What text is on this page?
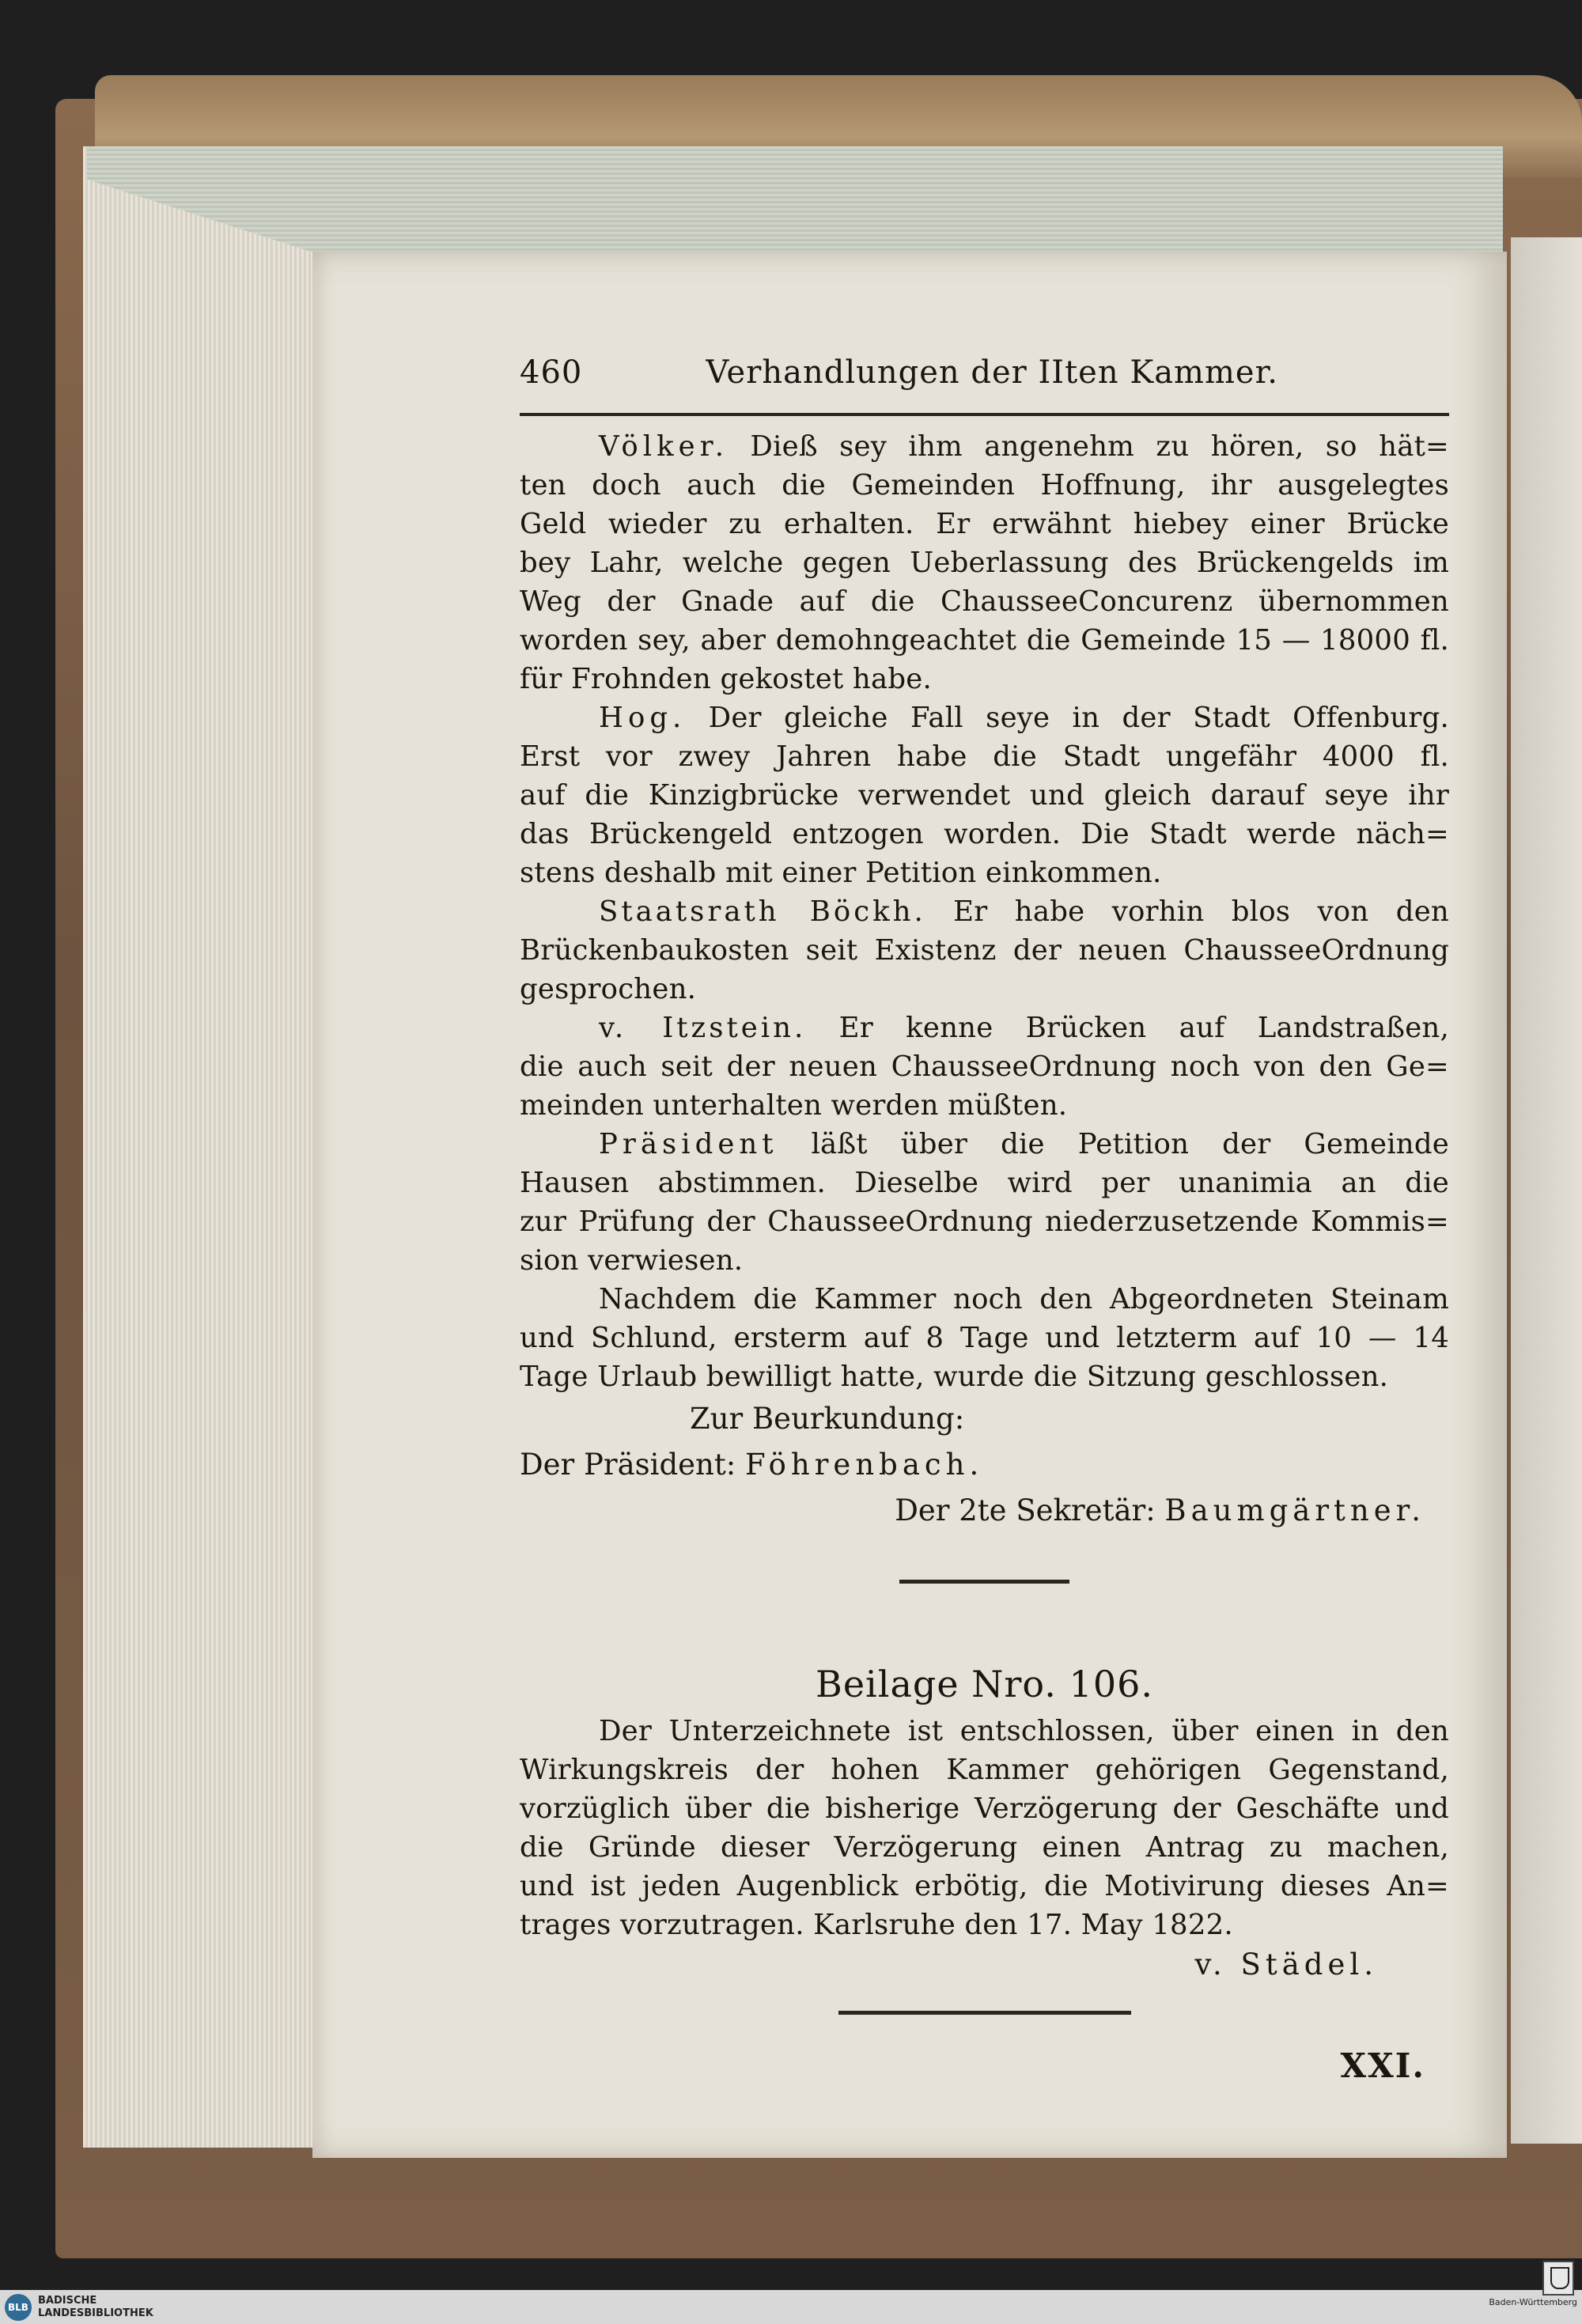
460	Verhandlungen der IIten Kammer.
Völker. Dieß sey ihm angenehm zu hören, so hät=
ten doch auch die Gemeinden Hoffnung, ihr ausgelegtes
Geld wieder zu erhalten. Er erwähnt hiebey einer Brücke
bey Lahr, welche gegen Ueberlassung des Brückengelds im
Weg der Gnade auf die ChausseeConcurenz übernommen
worden sey, aber demohngeachtet die Gemeinde 15 — 18000 fl.
für Frohnden gekostet habe.
Hog. Der gleiche Fall seye in der Stadt Offenburg.
Erst vor zwey Jahren habe die Stadt ungefähr 4000 fl.
auf die Kinzigbrücke verwendet und gleich darauf seye ihr
das Brückengeld entzogen worden. Die Stadt werde näch=
stens deshalb mit einer Petition einkommen.
Staatsrath Böckh. Er habe vorhin blos von den
Brückenbaukosten seit Existenz der neuen ChausseeOrdnung
gesprochen.
v. Itzstein. Er kenne Brücken auf Landstraßen,
die auch seit der neuen ChausseeOrdnung noch von den Ge=
meinden unterhalten werden müßten.
Präsident läßt über die Petition der Gemeinde
Hausen abstimmen. Dieselbe wird per unanimia an die
zur Prüfung der ChausseeOrdnung niederzusetzende Kommis=
sion verwiesen.
Nachdem die Kammer noch den Abgeordneten Steinam
und Schlund, ersterm auf 8 Tage und letzterm auf 10 — 14
Tage Urlaub bewilligt hatte, wurde die Sitzung geschlossen.
Zur Beurkundung:
Der Präsident: Föhrenbach.
Der 2te Sekretär: Baumgärtner.
Beilage Nro. 106.
Der Unterzeichnete ist entschlossen, über einen in den
Wirkungskreis der hohen Kammer gehörigen Gegenstand,
vorzüglich über die bisherige Verzögerung der Geschäfte und
die Gründe dieser Verzögerung einen Antrag zu machen,
und ist jeden Augenblick erbötig, die Motivirung dieses An=
trages vorzutragen. Karlsruhe den 17. May 1822.
v. Städel.
XXI.
BLB
BADISCHE
LANDESBIBLIOTHEK
Baden-Württemberg
